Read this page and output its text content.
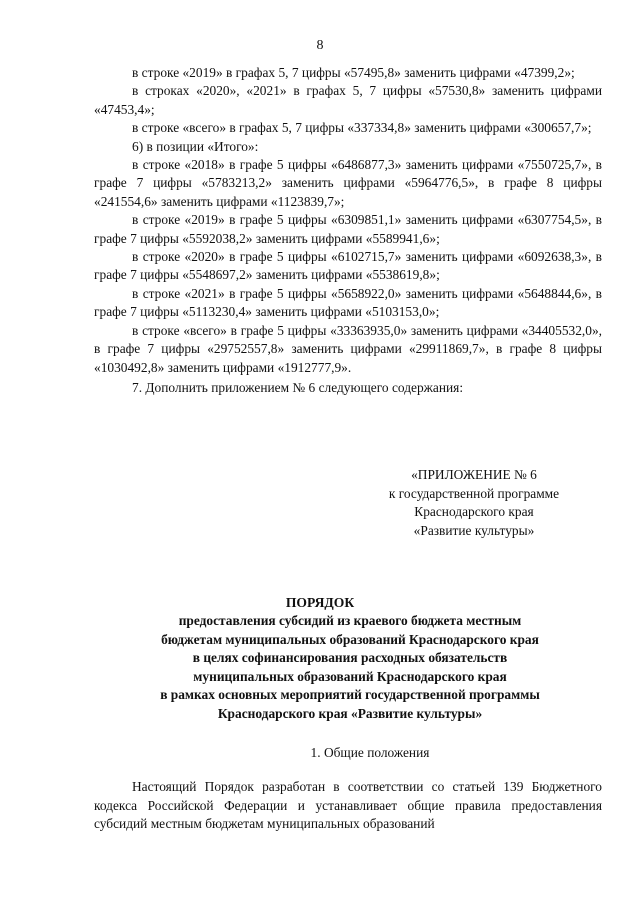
8

в строке «2019» в графах 5, 7 цифры «57495,8» заменить цифрами «47399,2»;

в строках «2020», «2021» в графах 5, 7 цифры «57530,8» заменить цифрами «47453,4»;

в строке «всего» в графах 5, 7 цифры «337334,8» заменить цифрами «300657,7»;

6) в позиции «Итого»:

в строке «2018» в графе 5 цифры «6486877,3» заменить цифрами «7550725,7», в графе 7 цифры «5783213,2» заменить цифрами «5964776,5», в графе 8 цифры «241554,6» заменить цифрами «1123839,7»;

в строке «2019» в графе 5 цифры «6309851,1» заменить цифрами «6307754,5», в графе 7 цифры «5592038,2» заменить цифрами «5589941,6»;

в строке «2020» в графе 5 цифры «6102715,7» заменить цифрами «6092638,3», в графе 7 цифры «5548697,2» заменить цифрами «5538619,8»;

в строке «2021» в графе 5 цифры «5658922,0» заменить цифрами «5648844,6», в графе 7 цифры «5113230,4» заменить цифрами «5103153,0»;

в строке «всего» в графе 5 цифры «33363935,0» заменить цифрами «34405532,0», в графе 7 цифры «29752557,8» заменить цифрами «29911869,7», в графе 8 цифры «1030492,8» заменить цифрами «1912777,9».

7. Дополнить приложением № 6 следующего содержания:

«ПРИЛОЖЕНИЕ № 6
к государственной программе
Краснодарского края
«Развитие культуры»
ПОРЯДОК
предоставления субсидий из краевого бюджета местным
бюджетам муниципальных образований Краснодарского края
в целях софинансирования расходных обязательств
муниципальных образований Краснодарского края
в рамках основных мероприятий государственной программы
Краснодарского края «Развитие культуры»
1. Общие положения

Настоящий Порядок разработан в соответствии со статьей 139 Бюджетного кодекса Российской Федерации и устанавливает общие правила предоставления субсидий местным бюджетам муниципальных образований
